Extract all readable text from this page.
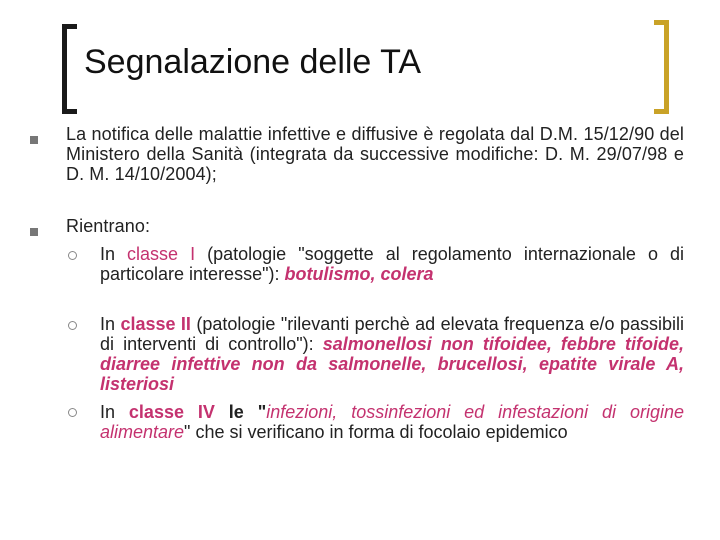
Segnalazione delle TA
La notifica delle malattie infettive e diffusive è regolata dal D.M. 15/12/90 del Ministero della Sanità (integrata da successive modifiche: D. M. 29/07/98 e D. M. 14/10/2004);
Rientrano:
In classe I (patologie "soggette al regolamento internazionale o di particolare interesse"): botulismo, colera
In classe II (patologie "rilevanti perchè ad elevata frequenza e/o passibili di interventi di controllo"): salmonellosi non tifoidee, febbre tifoide, diarree infettive non da salmonelle, brucellosi, epatite virale A, listeriosi
In classe IV le "infezioni, tossinfezioni ed infestazioni di origine alimentare" che si verificano in forma di focolaio epidemico
